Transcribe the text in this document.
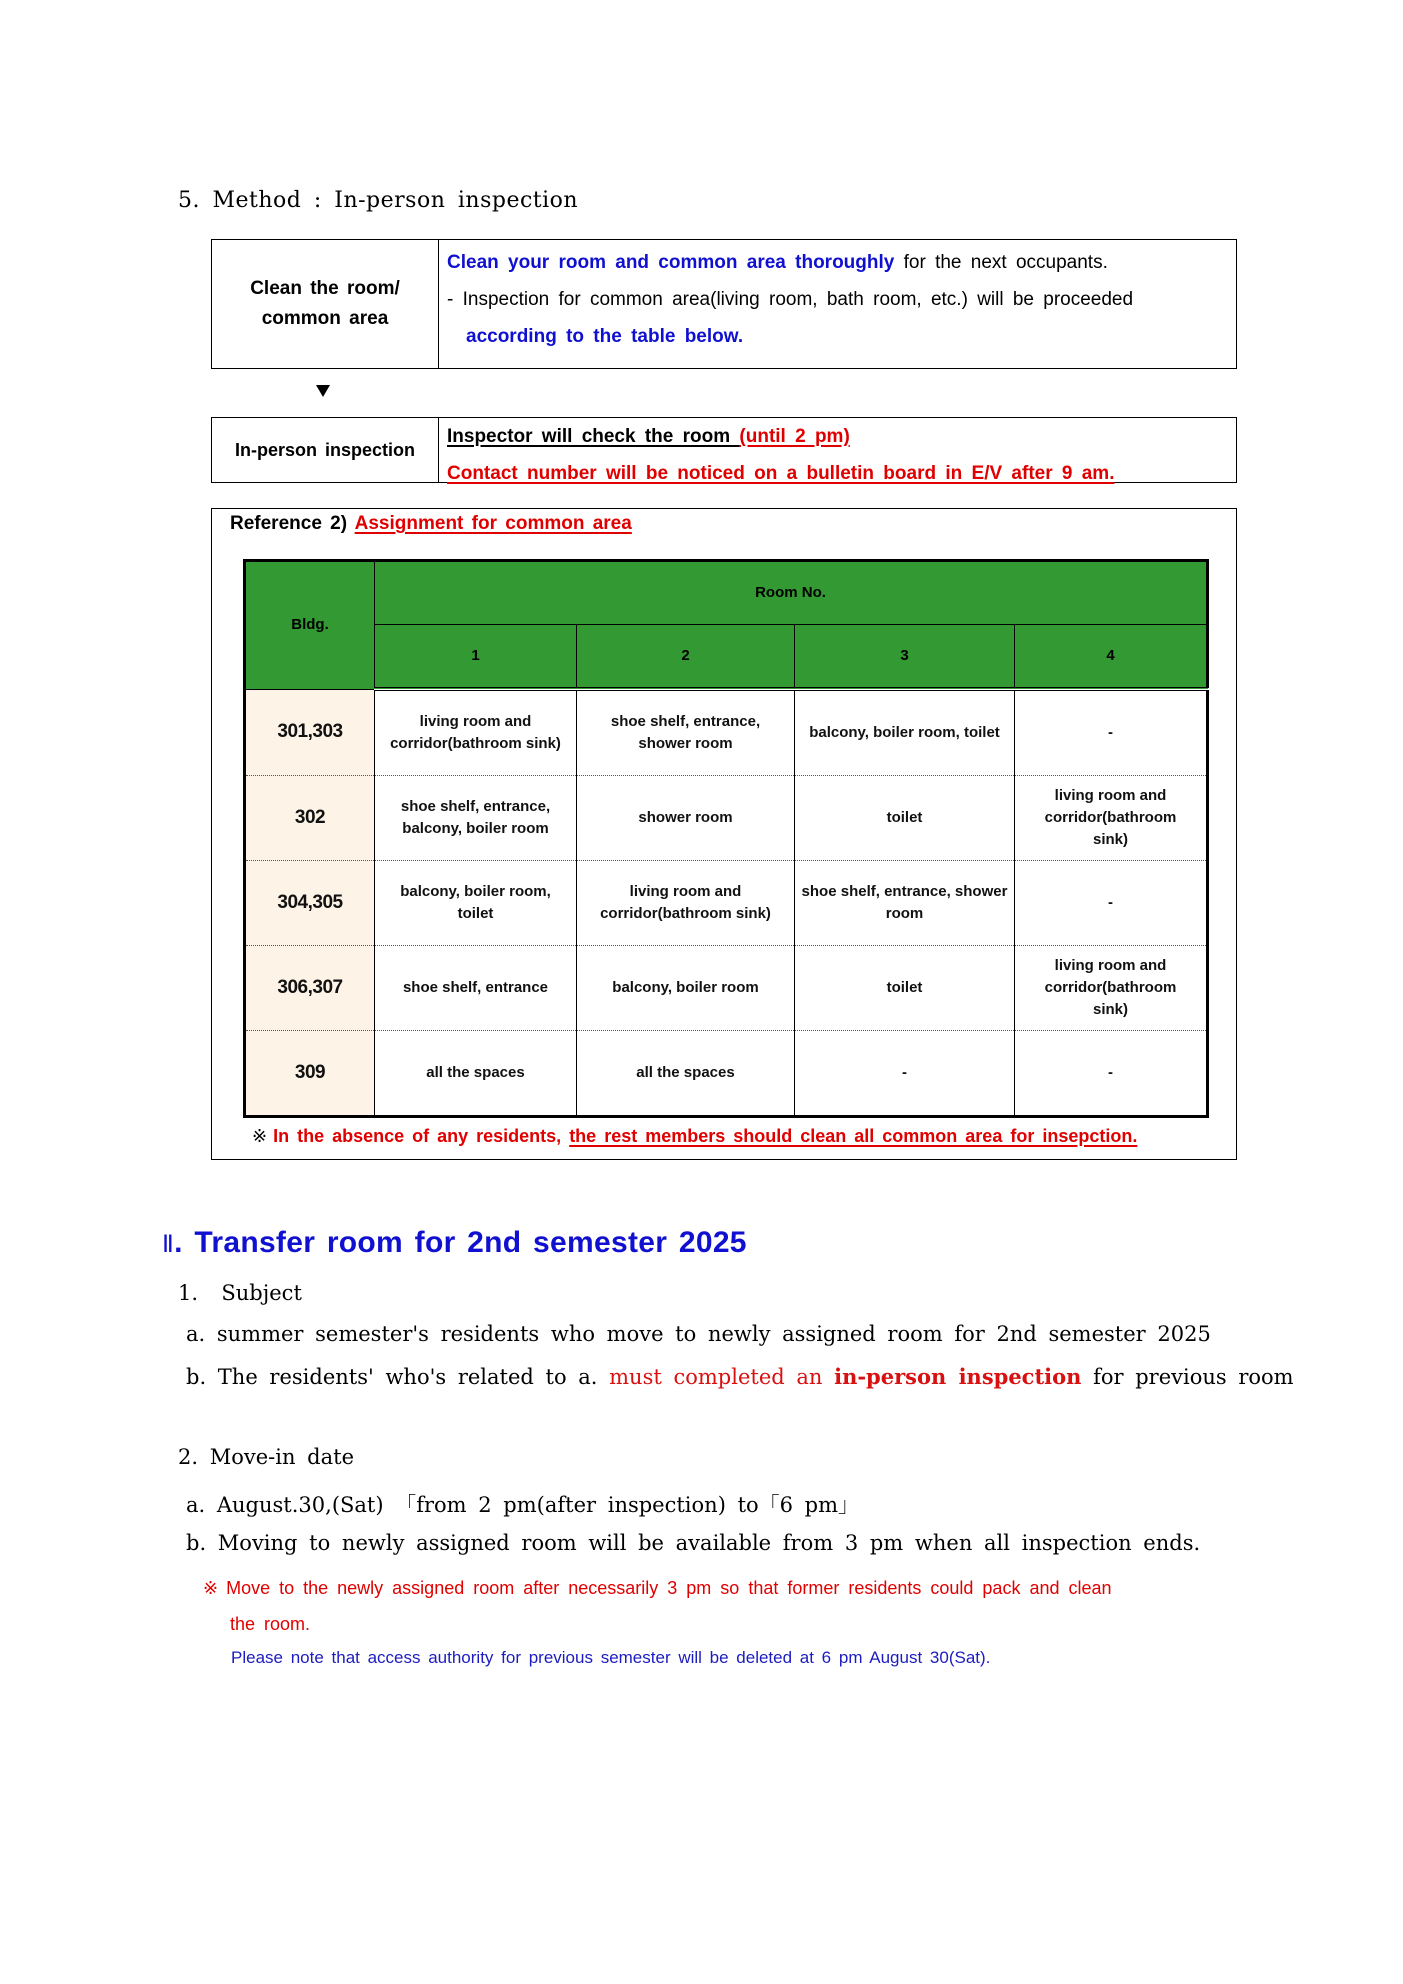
5. Method : In-person inspection
Clean the room/ common area
Clean your room and common area thoroughly for the next occupants.
- Inspection for common area(living room, bath room, etc.) will be proceeded
according to the table below.
In-person inspection
Inspector will check the room (until 2 pm)
Contact number will be noticed on a bulletin board in E/V after 9 am.
Reference 2) Assignment for common area
Bldg.	Room No.			
	1	2	3	4
301,303	living room and corridor(bathroom sink)	shoe shelf, entrance, shower room	balcony, boiler room, toilet	-
302	shoe shelf, entrance, balcony, boiler room	shower room	toilet	living room and corridor(bathroom sink)
304,305	balcony, boiler room, toilet	living room and corridor(bathroom sink)	shoe shelf, entrance, shower room	-
306,307	shoe shelf, entrance	balcony, boiler room	toilet	living room and corridor(bathroom sink)
309	all the spaces	all the spaces	-	-
※ In the absence of any residents, the rest members should clean all common area for insepction.
Ⅱ. Transfer room for 2nd semester 2025
1.  Subject
a. summer semester's residents who move to newly assigned room for 2nd semester 2025
b. The residents' who's related to a. must completed an in-person inspection for previous room
2. Move-in date
a. August.30,(Sat) 「from 2 pm(after inspection) to「6 pm」
b. Moving to newly assigned room will be available from 3 pm when all inspection ends.
※ Move to the newly assigned room after necessarily 3 pm so that former residents could pack and clean
the room.
Please note that access authority for previous semester will be deleted at 6 pm August 30(Sat).
